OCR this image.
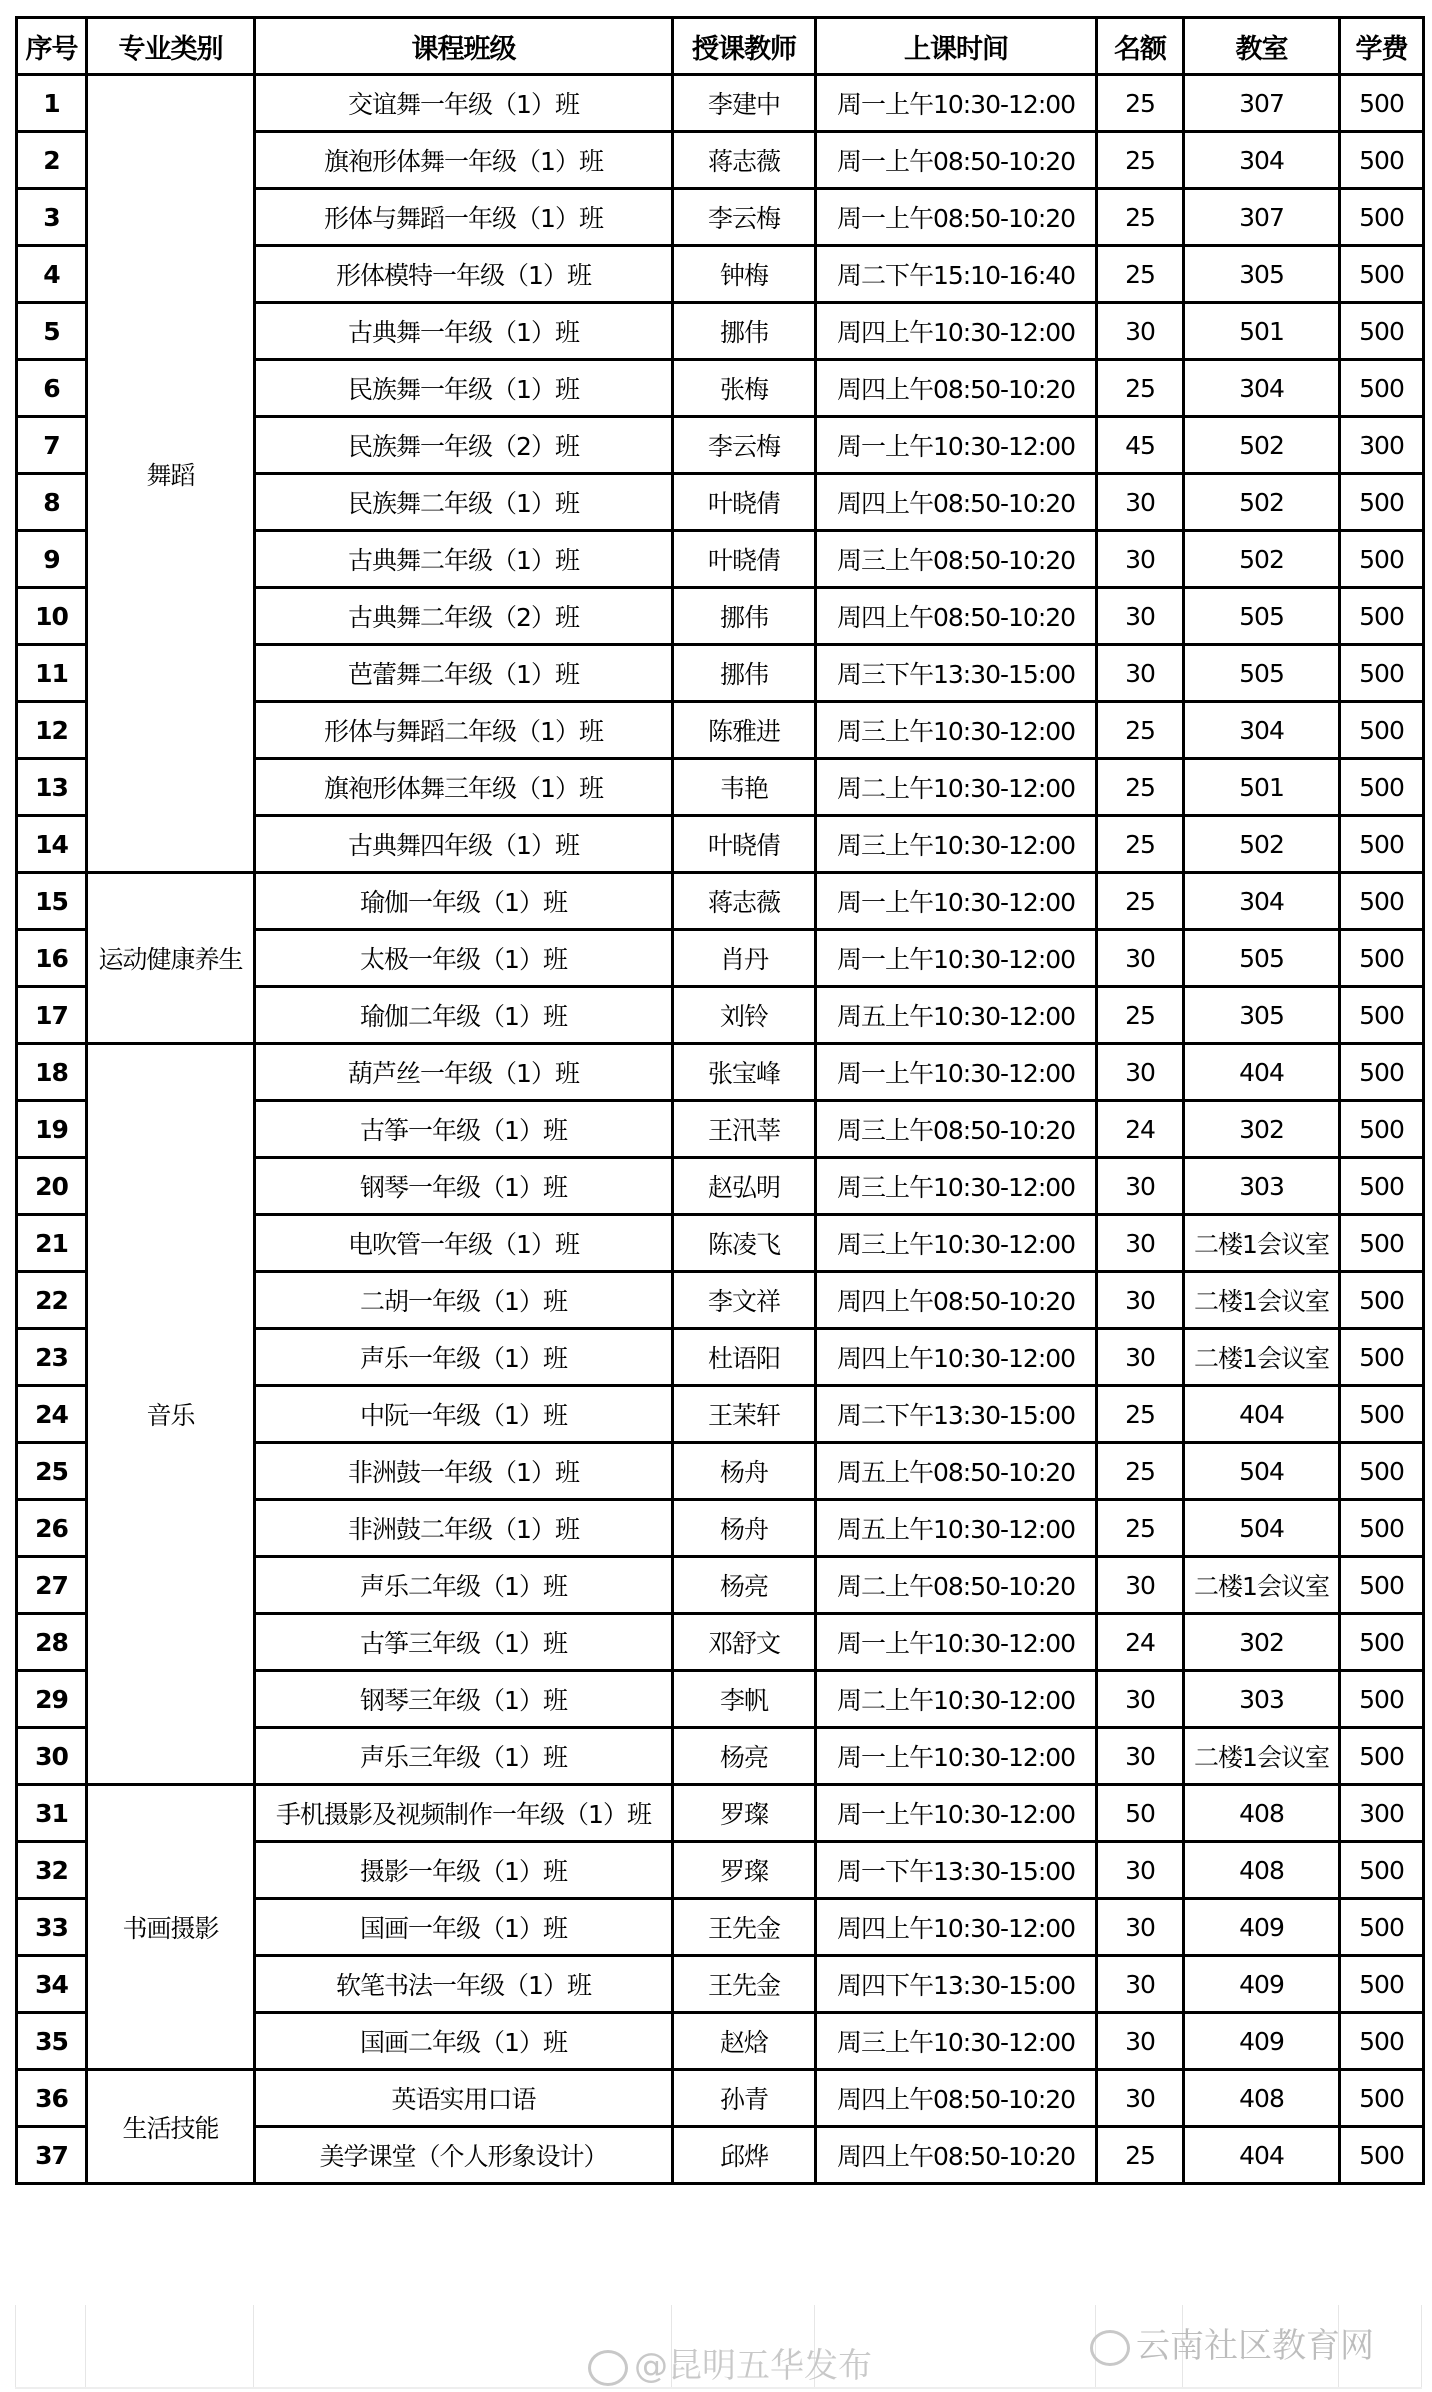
序号	专业类别	课程班级	授课教师	上课时间	名额	教室	学费
1	舞蹈	交谊舞一年级（1）班	李建中	周一上午10:30-12:00	25	307	500
2		旗袍形体舞一年级（1）班	蒋志薇	周一上午08:50-10:20	25	304	500
3		形体与舞蹈一年级（1）班	李云梅	周一上午08:50-10:20	25	307	500
4		形体模特一年级（1）班	钟梅	周二下午15:10-16:40	25	305	500
5		古典舞一年级（1）班	挪伟	周四上午10:30-12:00	30	501	500
6		民族舞一年级（1）班	张梅	周四上午08:50-10:20	25	304	500
7		民族舞一年级（2）班	李云梅	周一上午10:30-12:00	45	502	300
8		民族舞二年级（1）班	叶晓倩	周四上午08:50-10:20	30	502	500
9		古典舞二年级（1）班	叶晓倩	周三上午08:50-10:20	30	502	500
10		古典舞二年级（2）班	挪伟	周四上午08:50-10:20	30	505	500
11		芭蕾舞二年级（1）班	挪伟	周三下午13:30-15:00	30	505	500
12		形体与舞蹈二年级（1）班	陈雅进	周三上午10:30-12:00	25	304	500
13		旗袍形体舞三年级（1）班	韦艳	周二上午10:30-12:00	25	501	500
14		古典舞四年级（1）班	叶晓倩	周三上午10:30-12:00	25	502	500
15	运动健康养生	瑜伽一年级（1）班	蒋志薇	周一上午10:30-12:00	25	304	500
16		太极一年级（1）班	肖丹	周一上午10:30-12:00	30	505	500
17		瑜伽二年级（1）班	刘铃	周五上午10:30-12:00	25	305	500
18	音乐	葫芦丝一年级（1）班	张宝峰	周一上午10:30-12:00	30	404	500
19		古筝一年级（1）班	王汛莘	周三上午08:50-10:20	24	302	500
20		钢琴一年级（1）班	赵弘明	周三上午10:30-12:00	30	303	500
21		电吹管一年级（1）班	陈凌飞	周三上午10:30-12:00	30	二楼1会议室	500
22		二胡一年级（1）班	李文祥	周四上午08:50-10:20	30	二楼1会议室	500
23		声乐一年级（1）班	杜语阳	周四上午10:30-12:00	30	二楼1会议室	500
24		中阮一年级（1）班	王茉轩	周二下午13:30-15:00	25	404	500
25		非洲鼓一年级（1）班	杨舟	周五上午08:50-10:20	25	504	500
26		非洲鼓二年级（1）班	杨舟	周五上午10:30-12:00	25	504	500
27		声乐二年级（1）班	杨亮	周二上午08:50-10:20	30	二楼1会议室	500
28		古筝三年级（1）班	邓舒文	周一上午10:30-12:00	24	302	500
29		钢琴三年级（1）班	李帆	周二上午10:30-12:00	30	303	500
30		声乐三年级（1）班	杨亮	周一上午10:30-12:00	30	二楼1会议室	500
31	书画摄影	手机摄影及视频制作一年级（1）班	罗璨	周一上午10:30-12:00	50	408	300
32		摄影一年级（1）班	罗璨	周一下午13:30-15:00	30	408	500
33		国画一年级（1）班	王先金	周四上午10:30-12:00	30	409	500
34		软笔书法一年级（1）班	王先金	周四下午13:30-15:00	30	409	500
35		国画二年级（1）班	赵焓	周三上午10:30-12:00	30	409	500
36	生活技能	英语实用口语	孙青	周四上午08:50-10:20	30	408	500
37		美学课堂（个人形象设计）	邱烨	周四上午08:50-10:20	25	404	500
@昆明五华发布	云南社区教育网
